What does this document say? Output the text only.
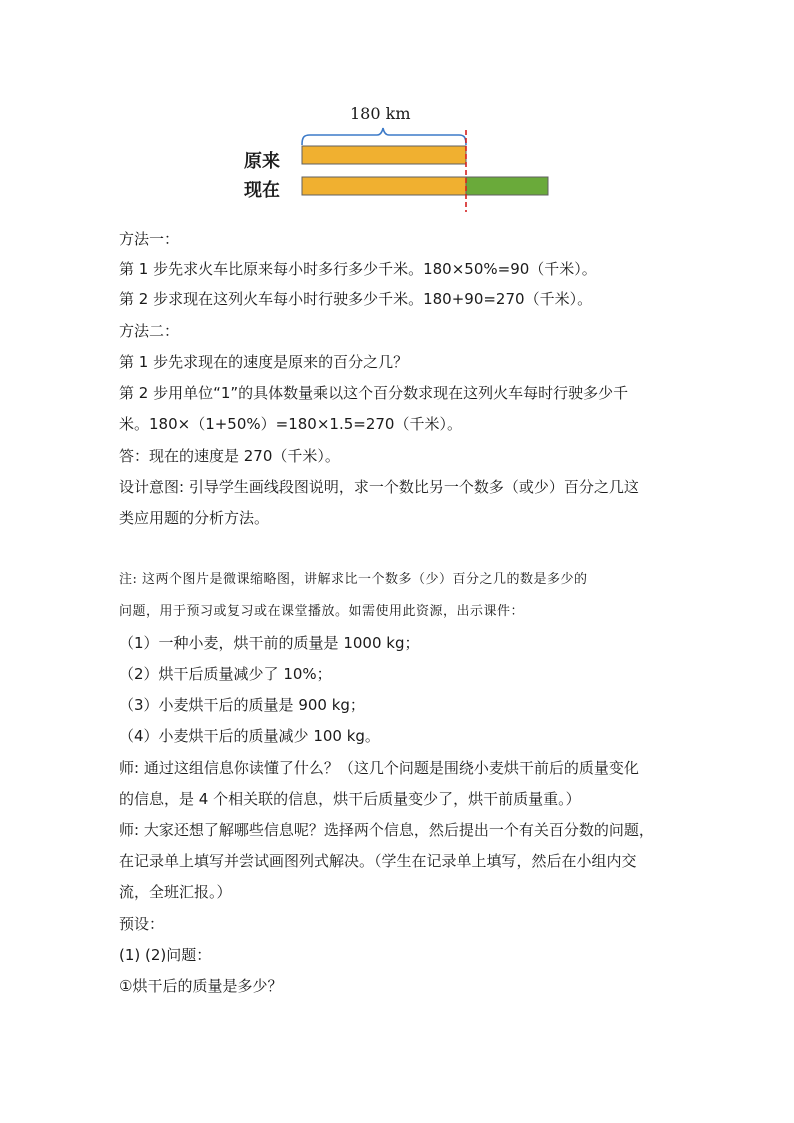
180 km
原来
现在
方法一：
第 1 步先求火车比原来每小时多行多少千米。180×50%=90（千米）。
第 2 步求现在这列火车每小时行驶多少千米。180+90=270（千米）。
方法二：
第 1 步先求现在的速度是原来的百分之几？
第 2 步用单位“1”的具体数量乘以这个百分数求现在这列火车每时行驶多少千
米。180×（1+50%）=180×1.5=270（千米）。
答：现在的速度是 270（千米）。
设计意图: 引导学生画线段图说明，求一个数比另一个数多（或少）百分之几这
类应用题的分析方法。
注: 这两个图片是微课缩略图，讲解求比一个数多（少）百分之几的数是多少的
问题，用于预习或复习或在课堂播放。如需使用此资源，出示课件：
（1）一种小麦，烘干前的质量是 1000 kg；
（2）烘干后质量减少了 10%；
（3）小麦烘干后的质量是 900 kg；
（4）小麦烘干后的质量减少 100 kg。
师: 通过这组信息你读懂了什么？（这几个问题是围绕小麦烘干前后的质量变化
的信息，是 4 个相关联的信息，烘干后质量变少了，烘干前质量重。）
师: 大家还想了解哪些信息呢？选择两个信息，然后提出一个有关百分数的问题，
在记录单上填写并尝试画图列式解决。（学生在记录单上填写，然后在小组内交
流，全班汇报。）
预设：
(1) (2)问题：
①烘干后的质量是多少？
